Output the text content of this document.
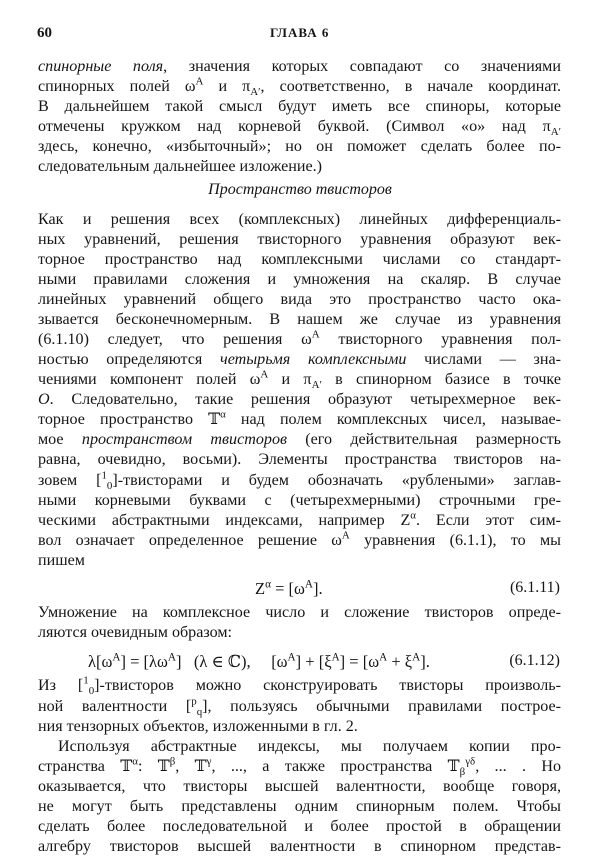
60	ГЛАВА 6
Пространство твисторов
спинорные поля, значения которых совпадают со значениями
спинорных полей $\omega^A$ и $\pi_{A'}$, соответственно, в начале координат.
В дальнейшем такой смысл будут иметь все спиноры, которые
отмечены кружком над корневой буквой. (Символ «о» над $\pi_{A'}$
здесь, конечно, «избыточный»; но он поможет сделать более по-
следовательным дальнейшее изложение.)
Как и решения всех (комплексных) линейных дифференциаль-
ных уравнений, решения твисторного уравнения образуют век-
торное пространство над комплексными числами со стандарт-
ными правилами сложения и умножения на скаляр. В случае
линейных уравнений общего вида это пространство часто ока-
зывается бесконечномерным. В нашем же случае из уравнения
(6.1.10) следует, что решения $\omega^A$ твисторного уравнения пол-
ностью определяются четырьмя комплексными числами — зна-
чениями компонент полей $\omega^A$ и $\pi_{A'}$ в спинорном базисе в точке
O. Следовательно, такие решения образуют четырехмерное век-
торное пространство 𝕋$^\alpha$ над полем комплексных чисел, называе-
мое пространством твисторов (его действительная размерность
равна, очевидно, восьми). Элементы пространства твисторов на-
зовем [$^1_0$]-твисторами и будем обозначать «рублеными» заглав-
ными корневыми буквами с (четырехмерными) строчными гре-
ческими абстрактными индексами, например $Z^\alpha$. Если этот сим-
вол означает определенное решение $\omega^A$ уравнения (6.1.1), то мы
пишем
Умножение на комплексное число и сложение твисторов опреде-
ляются очевидным образом:
Из [$^1_0$]-твисторов можно сконструировать твисторы произволь-
ной валентности [$^p_q$], пользуясь обычными правилами построе-
ния тензорных объектов, изложенными в гл. 2.
Используя абстрактные индексы, мы получаем копии про-
странства 𝕋$^\alpha$: 𝕋$^\beta$, 𝕋$^\gamma$, ..., а также пространства 𝕋$_\beta^{\gamma\delta}$, ... . Но
оказывается, что твисторы высшей валентности, вообще говоря,
не могут быть представлены одним спинорным полем. Чтобы
сделать более последовательной и более простой в обращении
алгебру твисторов высшей валентности в спинорном представ-
$Z^\alpha = [\omega^A]$.	(6.1.11)
$\lambda[\omega^A] = [\lambda\omega^A]$   (λ ∈ ℂ),     $[\omega^A] + [\xi^A] = [\omega^A + \xi^A]$.	(6.1.12)
